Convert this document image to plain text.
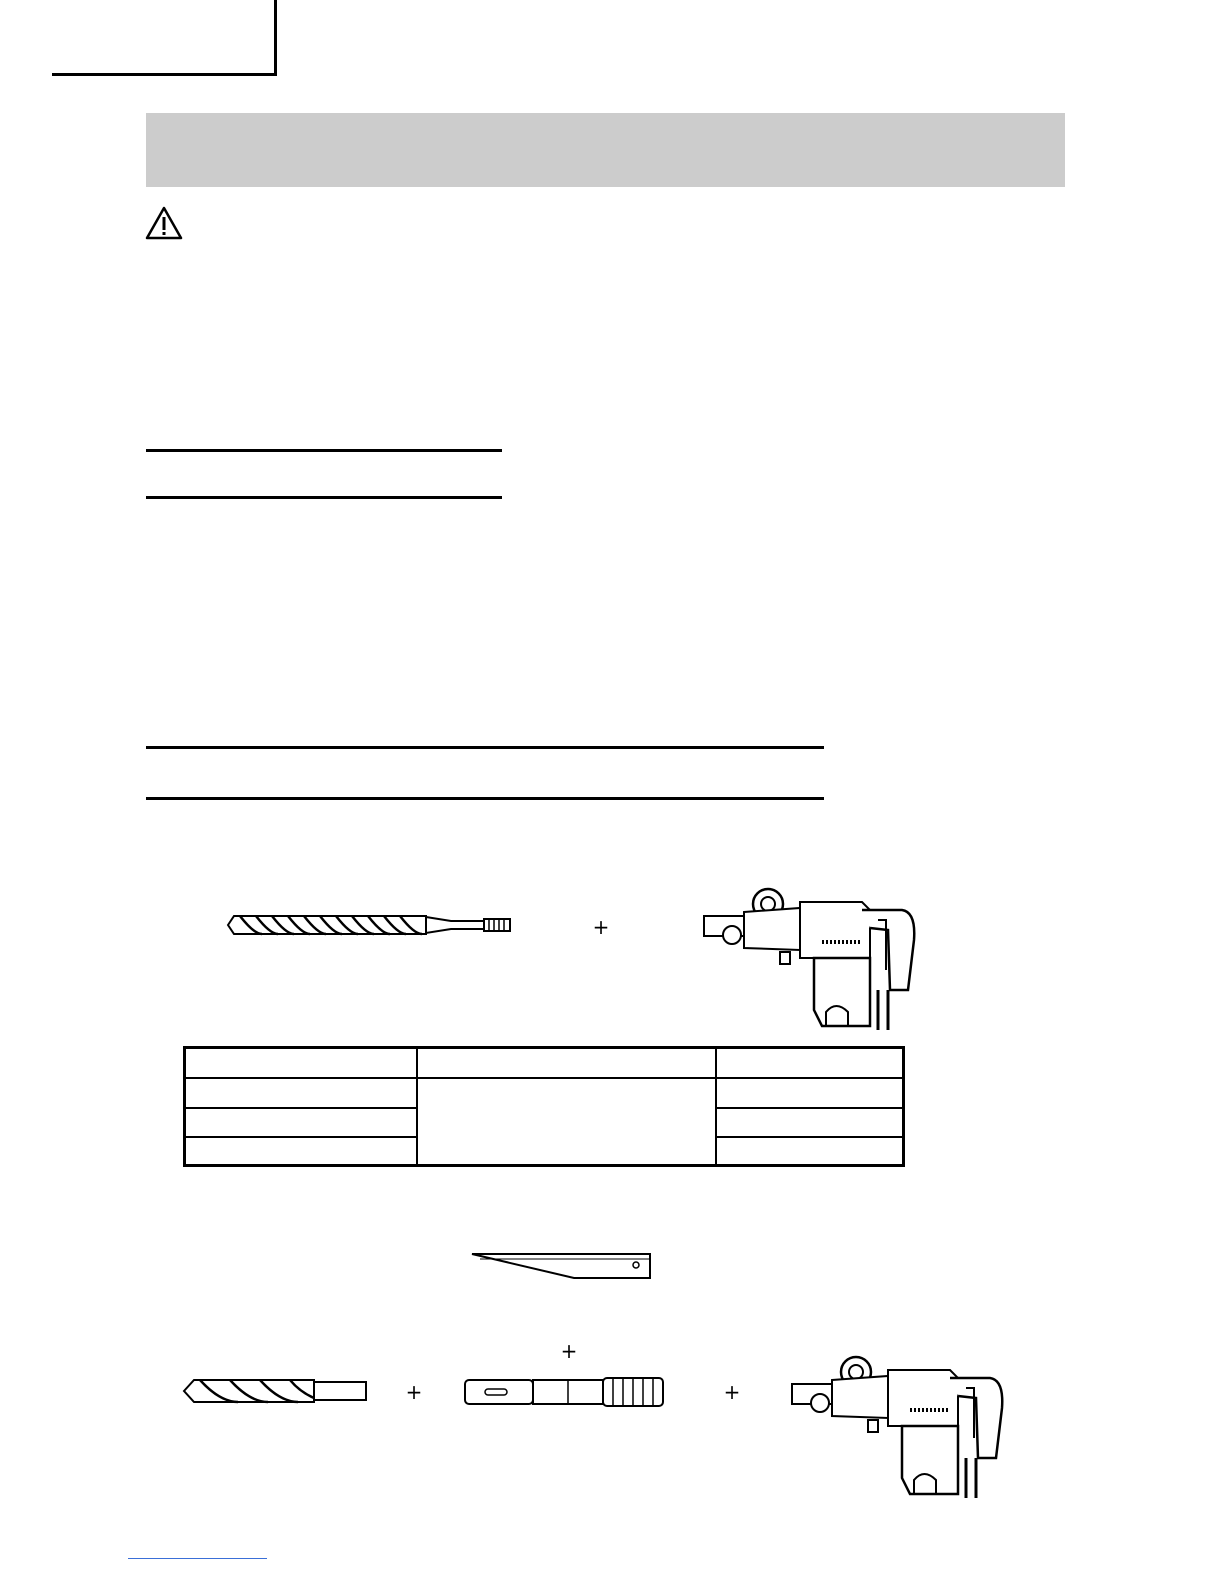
+

+
+	+
